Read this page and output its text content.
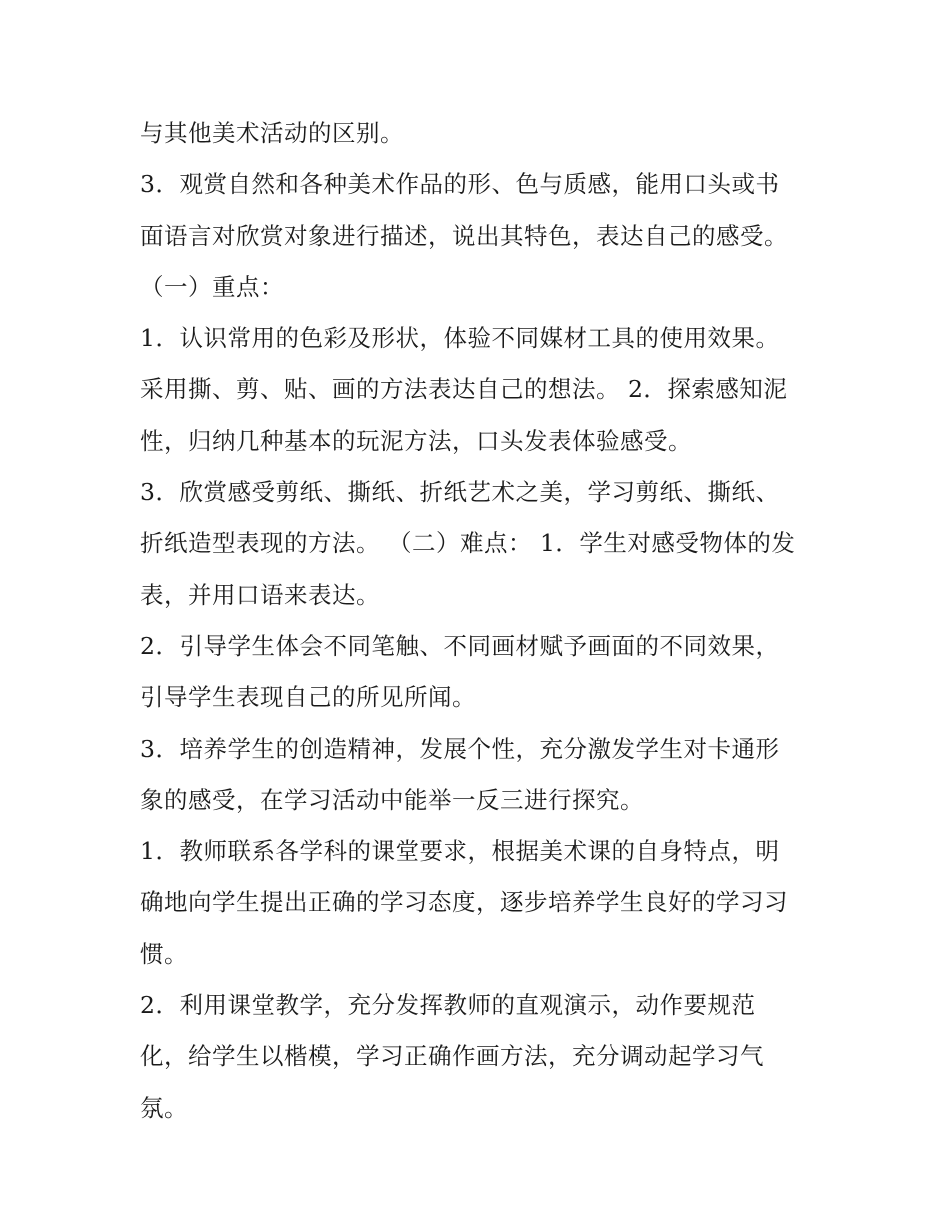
与其他美术活动的区别。
3．观赏自然和各种美术作品的形、色与质感，能用口头或书
面语言对欣赏对象进行描述，说出其特色，表达自己的感受。
（一）重点：
1．认识常用的色彩及形状，体验不同媒材工具的使用效果。
采用撕、剪、贴、画的方法表达自己的想法。 2．探索感知泥
性，归纳几种基本的玩泥方法，口头发表体验感受。
3．欣赏感受剪纸、撕纸、折纸艺术之美，学习剪纸、撕纸、
折纸造型表现的方法。 （二）难点： 1．学生对感受物体的发
表，并用口语来表达。
2．引导学生体会不同笔触、不同画材赋予画面的不同效果，
引导学生表现自己的所见所闻。
3．培养学生的创造精神，发展个性，充分激发学生对卡通形
象的感受，在学习活动中能举一反三进行探究。
1．教师联系各学科的课堂要求，根据美术课的自身特点，明
确地向学生提出正确的学习态度，逐步培养学生良好的学习习
惯。
2．利用课堂教学，充分发挥教师的直观演示，动作要规范
化，给学生以楷模，学习正确作画方法，充分调动起学习气
氛。
